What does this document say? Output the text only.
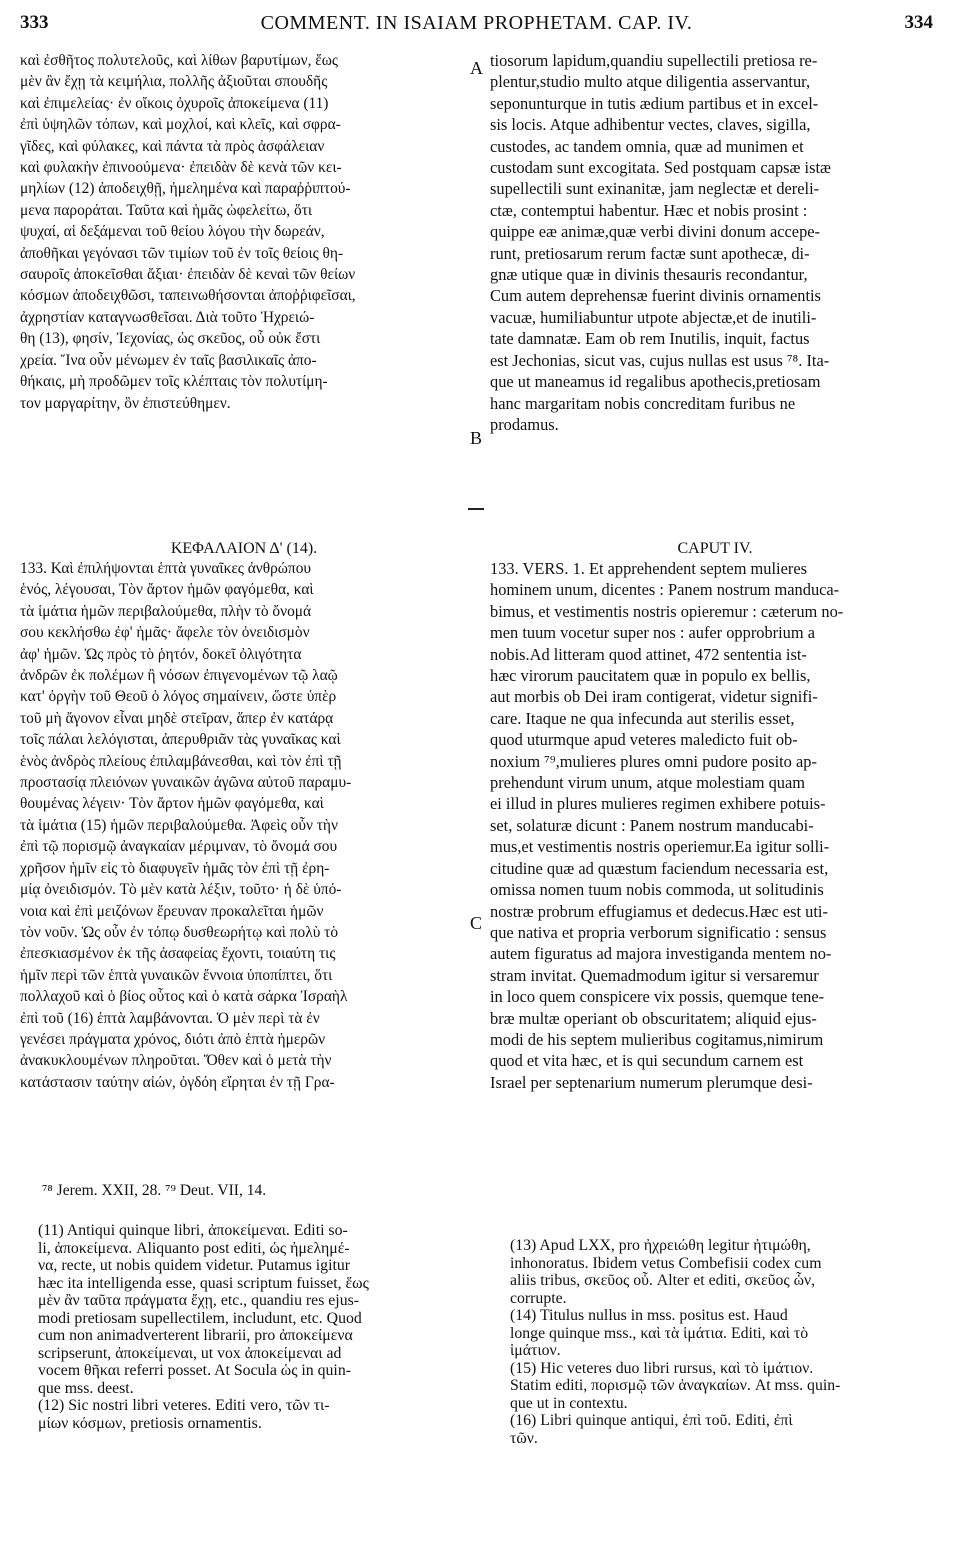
333	COMMENT. IN ISAIAM PROPHETAM. CAP. IV.	334

καὶ ἐσθῆτος πολυτελοῦς, καὶ λίθων βαρυτίμων, ἕως

μὲν ἂν ἔχῃ τὰ κειμήλια, πολλῆς ἀξιοῦται σπουδῆς

καὶ ἐπιμελείας· ἐν οἴκοις ὀχυροῖς ἀποκείμενα (11)

ἐπὶ ὑψηλῶν τόπων, καὶ μοχλοί, καὶ κλεῖς, καὶ σφρα-

γῖδες, καὶ φύλακες, καὶ πάντα τὰ πρὸς ἀσφάλειαν

καὶ φυλακὴν ἐπινοούμενα· ἐπειδὰν δὲ κενὰ τῶν κει-

μηλίων (12) ἀποδειχθῇ, ἠμελημένα καὶ παραῤῥιπτού-

μενα παροράται. Ταῦτα καὶ ἡμᾶς ὠφελείτω, ὅτι

ψυχαί, αἱ δεξάμεναι τοῦ θείου λόγου τὴν δωρεάν,

ἀποθῆκαι γεγόνασι τῶν τιμίων τοῦ ἐν τοῖς θείοις θη-

σαυροῖς ἀποκεῖσθαι ἄξιαι· ἐπειδὰν δὲ κεναὶ τῶν θείων

κόσμων ἀποδειχθῶσι, ταπεινωθήσονται ἀποῤῥιφεῖσαι,

ἀχρηστίαν καταγνωσθεῖσαι. Διὰ τοῦτο Ἠχρειώ-

θη (13), φησίν, Ἰεχονίας, ὡς σκεῦος, οὗ οὐκ ἔστι

χρεία. Ἵνα οὖν μένωμεν ἐν ταῖς βασιλικαῖς ἀπο-

θήκαις, μὴ προδῶμεν τοῖς κλέπταις τὸν πολυτίμη-

τον μαργαρίτην, ὃν ἐπιστεύθημεν.

tiosorum lapidum,quandiu supellectili pretiosa re-

plentur,studio multo atque diligentia asservantur,

seponunturque in tutis ædium partibus et in excel-

sis locis. Atque adhibentur vectes, claves, sigilla,

custodes, ac tandem omnia, quæ ad munimen et

custodam sunt excogitata. Sed postquam capsæ istæ

supellectili sunt exinanitæ, jam neglectæ et dereli-

ctæ, contemptui habentur. Hæc et nobis prosint :

quippe eæ animæ,quæ verbi divini donum accepe-

runt, pretiosarum rerum factæ sunt apothecæ, di-

gnæ utique quæ in divinis thesauris recondantur,

Cum autem deprehensæ fuerint divinis ornamentis

vacuæ, humiliabuntur utpote abjectæ,et de inutili-

tate damnatæ. Eam ob rem Inutilis, inquit, factus

est Jechonias, sicut vas, cujus nullas est usus ⁷⁸. Ita-

que ut maneamus id regalibus apothecis,pretiosam

hanc margaritam nobis concreditam furibus ne

prodamus.

A
B
C
ΚΕΦΑΛΑΙΟΝ Δ' (14).	CAPUT IV.

133. Καὶ ἐπιλήψονται ἑπτὰ γυναῖκες ἀνθρώπου

ἑνός, λέγουσαι, Τὸν ἄρτον ἡμῶν φαγόμεθα, καὶ

τὰ ἱμάτια ἡμῶν περιβαλούμεθα, πλὴν τὸ ὄνομά

σου κεκλήσθω ἐφ' ἡμᾶς· ἄφελε τὸν ὀνειδισμὸν

ἀφ' ἡμῶν. Ὡς πρὸς τὸ ῥητόν, δοκεῖ ὀλιγότητα

ἀνδρῶν ἐκ πολέμων ἢ νόσων ἐπιγενομένων τῷ λαῷ

κατ' ὀργὴν τοῦ Θεοῦ ὁ λόγος σημαίνειν, ὥστε ὑπὲρ

τοῦ μὴ ἄγονον εἶναι μηδὲ στεῖραν, ἅπερ ἐν κατάρᾳ

τοῖς πάλαι λελόγισται, ἀπερυθριᾶν τὰς γυναῖκας καὶ

ἑνὸς ἀνδρὸς πλείους ἐπιλαμβάνεσθαι, καὶ τὸν ἐπὶ τῇ

προστασίᾳ πλειόνων γυναικῶν ἀγῶνα αὐτοῦ παραμυ-

θουμένας λέγειν· Τὸν ἄρτον ἡμῶν φαγόμεθα, καὶ

τὰ ἱμάτια (15) ἡμῶν περιβαλούμεθα. Ἀφεὶς οὖν τὴν

ἐπὶ τῷ πορισμῷ ἀναγκαίαν μέριμναν, τὸ ὄνομά σου

χρῆσον ἡμῖν εἰς τὸ διαφυγεῖν ἡμᾶς τὸν ἐπὶ τῇ ἐρη-

μίᾳ ὀνειδισμόν. Τὸ μὲν κατὰ λέξιν, τοῦτο· ἡ δὲ ὑπό-

νοια καὶ ἐπὶ μειζόνων ἔρευναν προκαλεῖται ἡμῶν

τὸν νοῦν. Ὡς οὖν ἐν τόπῳ δυσθεωρήτῳ καὶ πολὺ τὸ

ἐπεσκιασμένον ἐκ τῆς ἀσαφείας ἔχοντι, τοιαύτη τις

ἡμῖν περὶ τῶν ἑπτὰ γυναικῶν ἔννοια ὑποπίπτει, ὅτι

πολλαχοῦ καὶ ὁ βίος οὗτος καὶ ὁ κατὰ σάρκα Ἰσραὴλ

ἐπὶ τοῦ (16) ἑπτὰ λαμβάνονται. Ὁ μὲν περὶ τὰ ἐν

γενέσει πράγματα χρόνος, διότι ἀπὸ ἑπτὰ ἡμερῶν

ἀνακυκλουμένων πληροῦται. Ὅθεν καὶ ὁ μετὰ τὴν

κατάστασιν ταύτην αἰών, ὀγδόη εἴρηται ἐν τῇ Γρα-

133. VERS. 1. Et apprehendent septem mulieres

hominem unum, dicentes : Panem nostrum manduca-

bimus, et vestimentis nostris opieremur : cæterum no-

men tuum vocetur super nos : aufer opprobrium a

nobis.Ad litteram quod attinet, 472 sententia ist-

hæc virorum paucitatem quæ in populo ex bellis,

aut morbis ob Dei iram contigerat, videtur signifi-

care. Itaque ne qua infecunda aut sterilis esset,

quod uturmque apud veteres maledicto fuit ob-

noxium ⁷⁹,mulieres plures omni pudore posito ap-

prehendunt virum unum, atque molestiam quam

ei illud in plures mulieres regimen exhibere potuis-

set, solaturæ dicunt : Panem nostrum manducabi-

mus,et vestimentis nostris operiemur.Ea igitur solli-

citudine quæ ad quæstum faciendum necessaria est,

omissa nomen tuum nobis commoda, ut solitudinis

nostræ probrum effugiamus et dedecus.Hæc est uti-

que nativa et propria verborum significatio : sensus

autem figuratus ad majora investiganda mentem no-

stram invitat. Quemadmodum igitur si versaremur

in loco quem conspicere vix possis, quemque tene-

bræ multæ operiant ob obscuritatem; aliquid ejus-

modi de his septem mulieribus cogitamus,nimirum

quod et vita hæc, et is qui secundum carnem est

Israel per septenarium numerum plerumque desi-

⁷⁸ Jerem. XXII, 28. ⁷⁹ Deut. VII, 14.

(11) Antiqui quinque libri, ἀποκείμεναι. Editi so-

li, ἀποκείμενα. Aliquanto post editi, ὡς ἠμελημέ-

να, recte, ut nobis quidem videtur. Putamus igitur

hæc ita intelligenda esse, quasi scriptum fuisset, ἕως

μὲν ἂν ταῦτα πράγματα ἔχῃ, etc., quandiu res ejus-

modi pretiosam supellectilem, includunt, etc. Quod

cum non animadverterent librarii, pro ἀποκείμενα

scripserunt, ἀποκείμεναι, ut vox ἀποκείμεναι ad

vocem θῆκαι referri posset. At Socula ὡς in quin-

que mss. deest.

(12) Sic nostri libri veteres. Editi vero, τῶν τι-

μίων κόσμων, pretiosis ornamentis.

(13) Apud LXX, pro ἠχρειώθη legitur ἠτιμώθη,

inhonoratus. Ibidem vetus Combefisii codex cum

aliis tribus, σκεῦος οὗ. Alter et editi, σκεῦος ὧν,

corrupte.

(14) Titulus nullus in mss. positus est. Haud

longe quinque mss., καὶ τὰ ἱμάτια. Editi, καὶ τὸ

ἱμάτιον.

(15) Hic veteres duo libri rursus, καὶ τὸ ἱμάτιον.

Statim editi, πορισμῷ τῶν ἀναγκαίων. At mss. quin-

que ut in contextu.

(16) Libri quinque antiqui, ἐπὶ τοῦ. Editi, ἐπὶ

τῶν.
